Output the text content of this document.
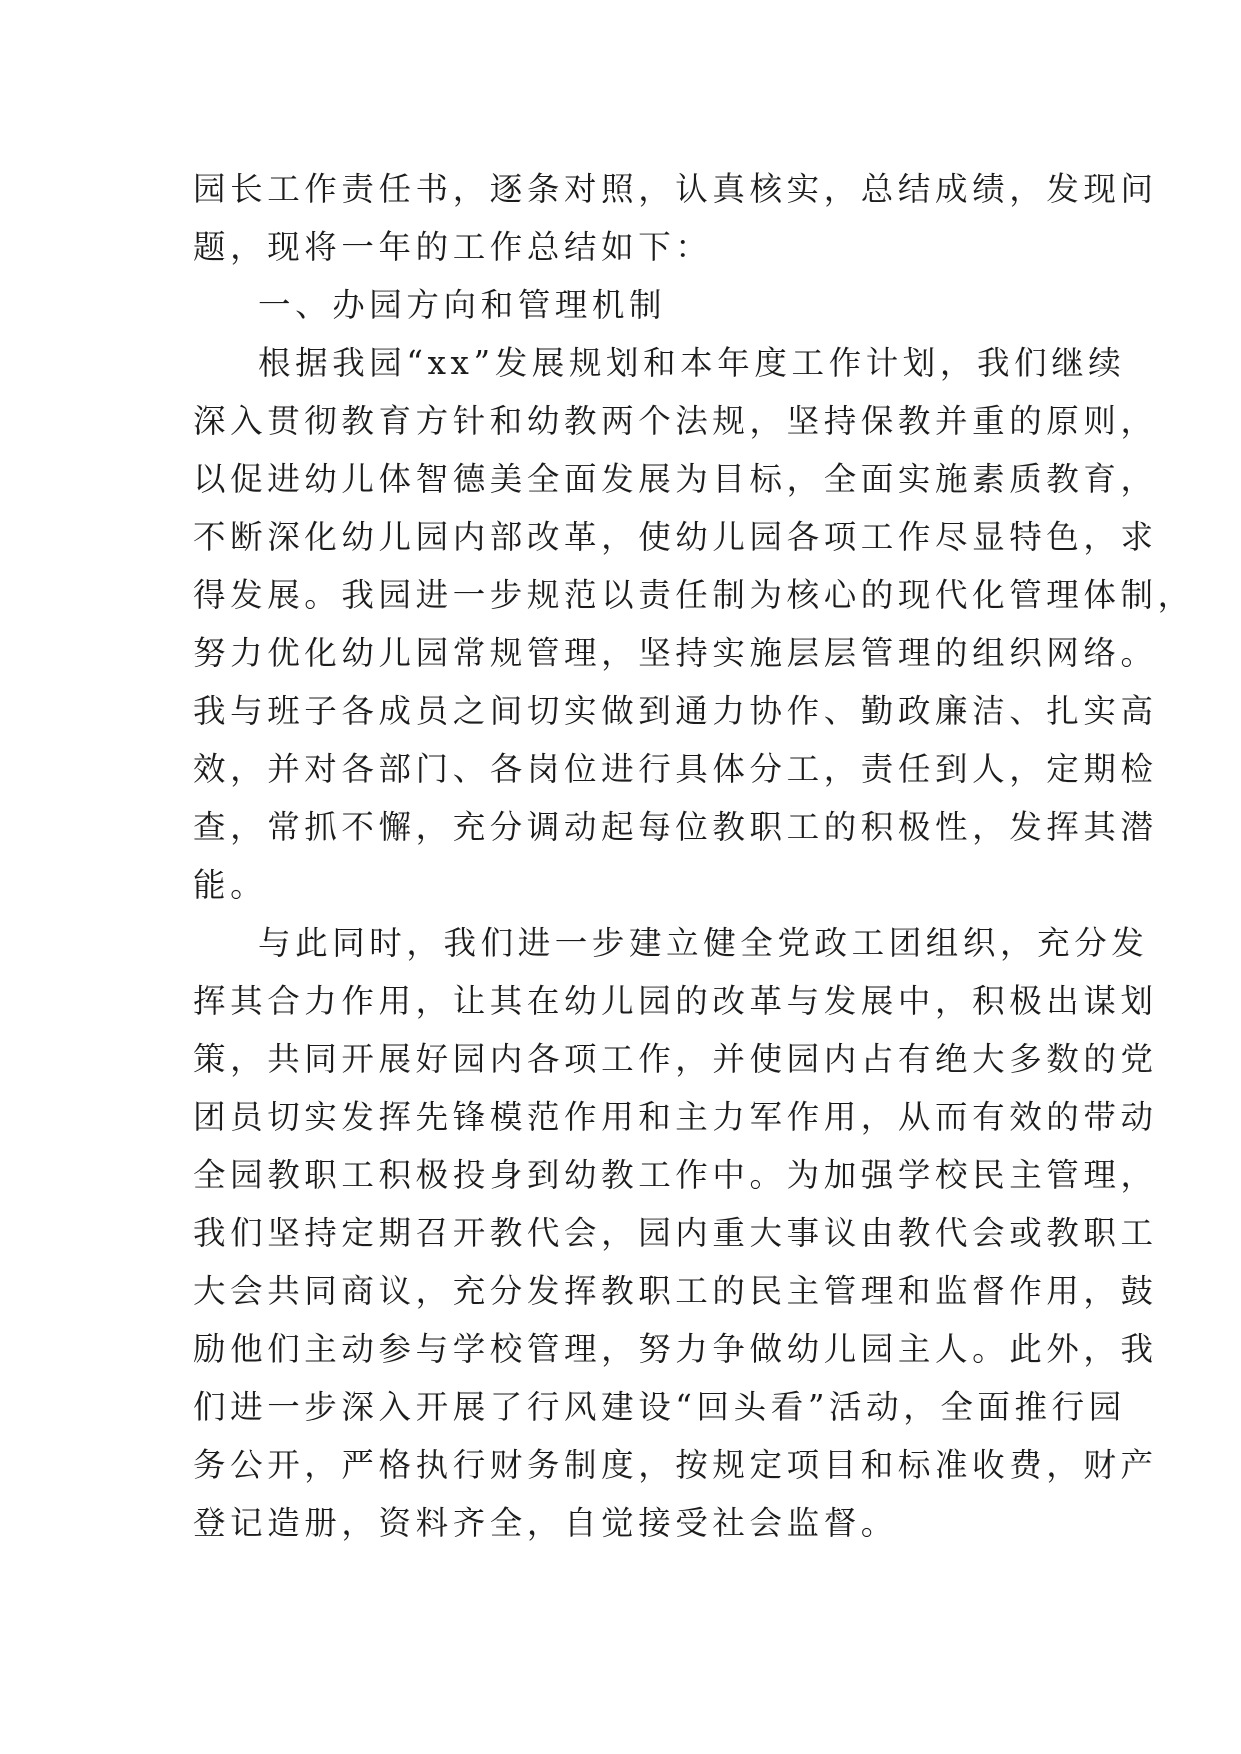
园长工作责任书，逐条对照，认真核实，总结成绩，发现问
题，现将一年的工作总结如下：
一、办园方向和管理机制
根据我园“xx”发展规划和本年度工作计划，我们继续
深入贯彻教育方针和幼教两个法规，坚持保教并重的原则，
以促进幼儿体智德美全面发展为目标，全面实施素质教育，
不断深化幼儿园内部改革，使幼儿园各项工作尽显特色，求
得发展。我园进一步规范以责任制为核心的现代化管理体制，
努力优化幼儿园常规管理，坚持实施层层管理的组织网络。
我与班子各成员之间切实做到通力协作、勤政廉洁、扎实高
效，并对各部门、各岗位进行具体分工，责任到人，定期检
查，常抓不懈，充分调动起每位教职工的积极性，发挥其潜
能。
与此同时，我们进一步建立健全党政工团组织，充分发
挥其合力作用，让其在幼儿园的改革与发展中，积极出谋划
策，共同开展好园内各项工作，并使园内占有绝大多数的党
团员切实发挥先锋模范作用和主力军作用，从而有效的带动
全园教职工积极投身到幼教工作中。为加强学校民主管理，
我们坚持定期召开教代会，园内重大事议由教代会或教职工
大会共同商议，充分发挥教职工的民主管理和监督作用，鼓
励他们主动参与学校管理，努力争做幼儿园主人。此外，我
们进一步深入开展了行风建设“回头看”活动，全面推行园
务公开，严格执行财务制度，按规定项目和标准收费，财产
登记造册，资料齐全，自觉接受社会监督。
